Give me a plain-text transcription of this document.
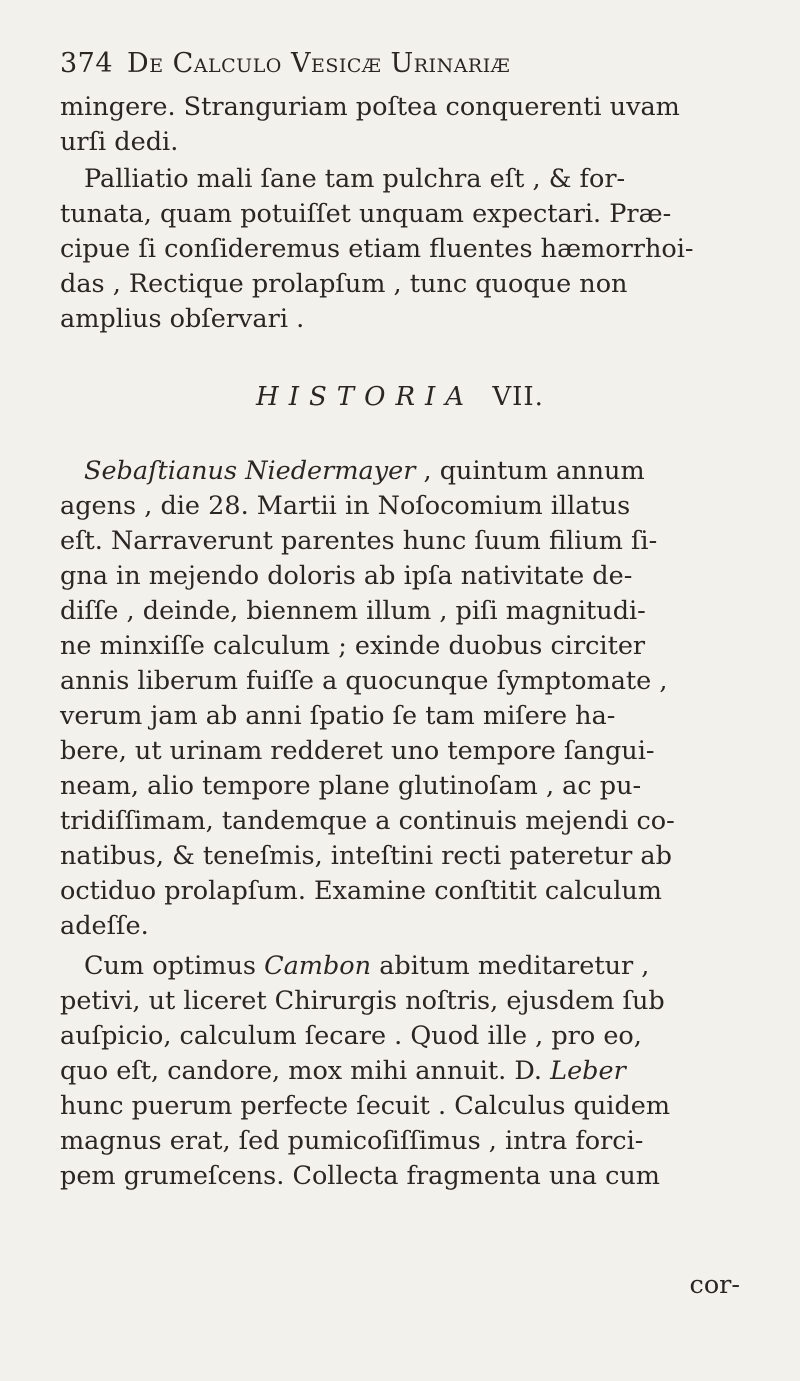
374 De Calculo Vesicæ Urinariæ
mingere. Stranguriam poſtea conquerenti uvam
urſi dedi.
Palliatio mali ſane tam pulchra eſt , & for-
tunata, quam potuiſſet unquam expectari. Præ-
cipue ſi conſideremus etiam fluentes hæmorrhoi-
das , Rectique prolapſum , tunc quoque non
amplius obſervari .
HISTORIA VII.
Sebaſtianus Niedermayer , quintum annum
agens , die 28. Martii in Noſocomium illatus
eſt. Narraverunt parentes hunc ſuum filium ſi-
gna in mejendo doloris ab ipſa nativitate de-
diſſe , deinde, biennem illum , piſi magnitudi-
ne minxiſſe calculum ; exinde duobus circiter
annis liberum fuiſſe a quocunque ſymptomate ,
verum jam ab anni ſpatio ſe tam miſere ha-
bere, ut urinam redderet uno tempore ſangui-
neam, alio tempore plane glutinoſam , ac pu-
tridiſſimam, tandemque a continuis mejendi co-
natibus, & teneſmis, inteſtini recti pateretur ab
octiduo prolapſum. Examine conſtitit calculum
adeſſe.
Cum optimus Cambon abitum meditaretur ,
petivi, ut liceret Chirurgis noſtris, ejusdem ſub
auſpicio, calculum ſecare . Quod ille , pro eo,
quo eſt, candore, mox mihi annuit. D. Leber
hunc puerum perfecte ſecuit . Calculus quidem
magnus erat, ſed pumicoſiſſimus , intra forci-
pem grumeſcens. Collecta fragmenta una cum
cor-
